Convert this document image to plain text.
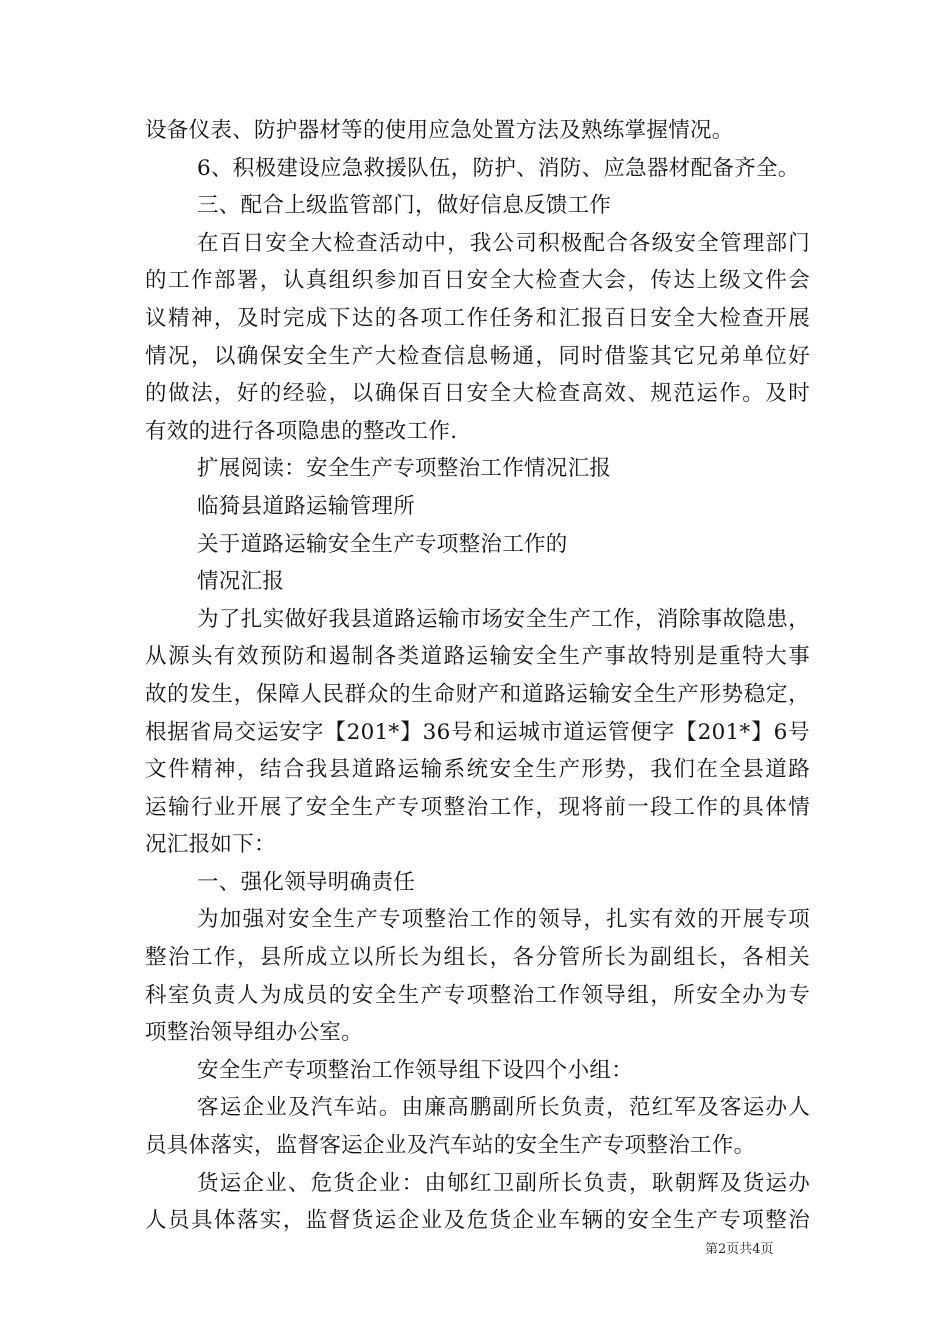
设备仪表、防护器材等的使用应急处置方法及熟练掌握情况。
6、积极建设应急救援队伍，防护、消防、应急器材配备齐全。
三、配合上级监管部门，做好信息反馈工作
在百日安全大检查活动中，我公司积极配合各级安全管理部门
的工作部署，认真组织参加百日安全大检查大会，传达上级文件会
议精神，及时完成下达的各项工作任务和汇报百日安全大检查开展
情况，以确保安全生产大检查信息畅通，同时借鉴其它兄弟单位好
的做法，好的经验，以确保百日安全大检查高效、规范运作。及时
有效的进行各项隐患的整改工作.
扩展阅读：安全生产专项整治工作情况汇报
临猗县道路运输管理所
关于道路运输安全生产专项整治工作的
情况汇报
为了扎实做好我县道路运输市场安全生产工作，消除事故隐患，
从源头有效预防和遏制各类道路运输安全生产事故特别是重特大事
故的发生，保障人民群众的生命财产和道路运输安全生产形势稳定，
根据省局交运安字【201*】36号和运城市道运管便字【201*】6号
文件精神，结合我县道路运输系统安全生产形势，我们在全县道路
运输行业开展了安全生产专项整治工作，现将前一段工作的具体情
况汇报如下：
一、强化领导明确责任
为加强对安全生产专项整治工作的领导，扎实有效的开展专项
整治工作，县所成立以所长为组长，各分管所长为副组长，各相关
科室负责人为成员的安全生产专项整治工作领导组，所安全办为专
项整治领导组办公室。
安全生产专项整治工作领导组下设四个小组：
客运企业及汽车站。由廉高鹏副所长负责，范红军及客运办人
员具体落实，监督客运企业及汽车站的安全生产专项整治工作。
货运企业、危货企业：由郇红卫副所长负责，耿朝辉及货运办
人员具体落实，监督货运企业及危货企业车辆的安全生产专项整治
第2页共4页
